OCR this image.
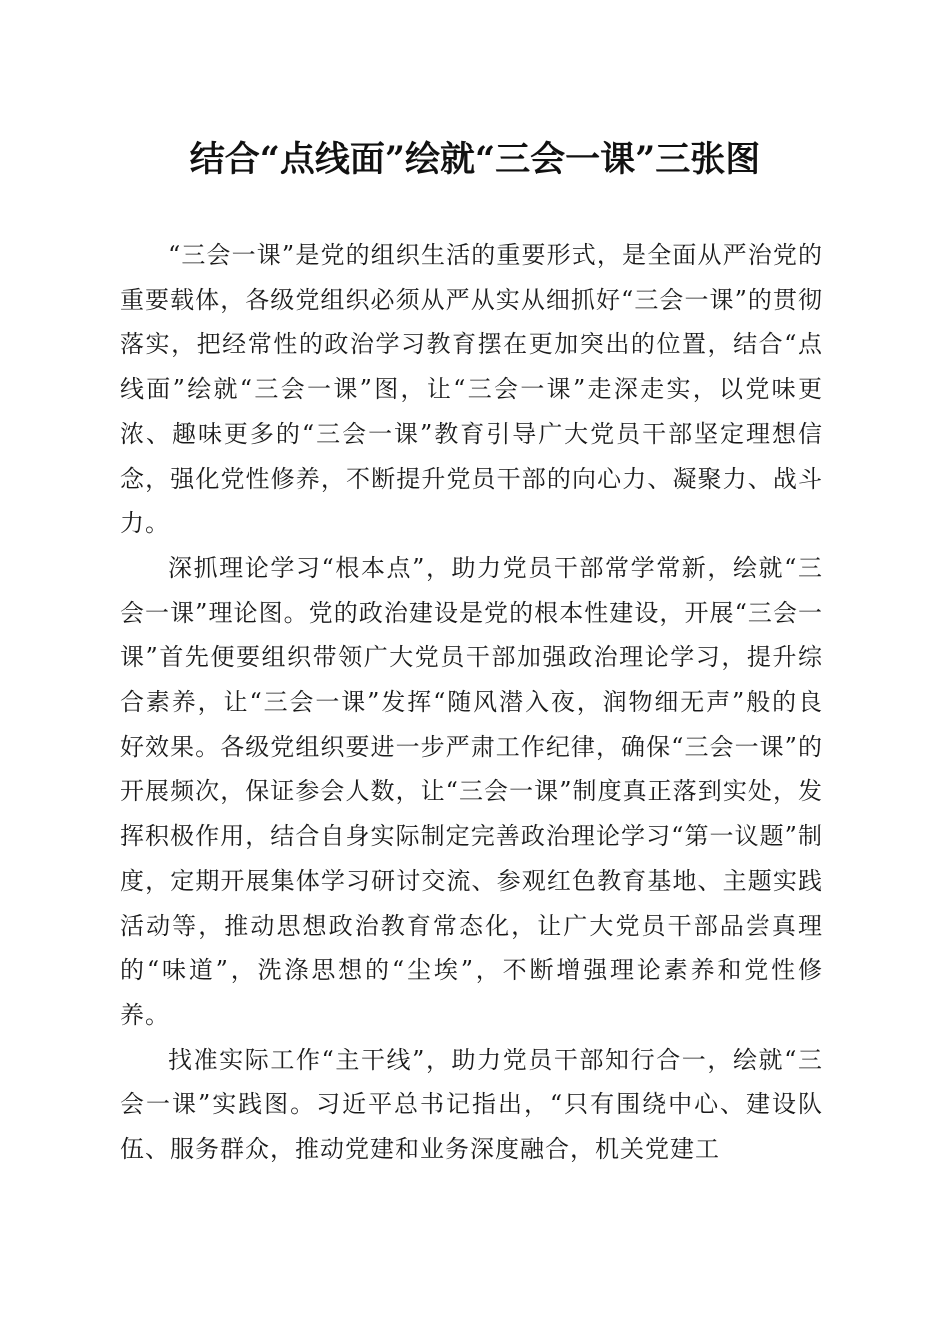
结合“点线面”绘就“三会一课”三张图

“三会一课”是党的组织生活的重要形式，是全面从严治党的重要载体，各级党组织必须从严从实从细抓好“三会一课”的贯彻落实，把经常性的政治学习教育摆在更加突出的位置，结合“点线面”绘就“三会一课”图，让“三会一课”走深走实，以党味更浓、趣味更多的“三会一课”教育引导广大党员干部坚定理想信念，强化党性修养，不断提升党员干部的向心力、凝聚力、战斗力。

深抓理论学习“根本点”，助力党员干部常学常新，绘就“三会一课”理论图。党的政治建设是党的根本性建设，开展“三会一课”首先便要组织带领广大党员干部加强政治理论学习，提升综合素养，让“三会一课”发挥“随风潜入夜，润物细无声”般的良好效果。各级党组织要进一步严肃工作纪律，确保“三会一课”的开展频次，保证参会人数，让“三会一课”制度真正落到实处，发挥积极作用，结合自身实际制定完善政治理论学习“第一议题”制度，定期开展集体学习研讨交流、参观红色教育基地、主题实践活动等，推动思想政治教育常态化，让广大党员干部品尝真理的“味道”，洗涤思想的“尘埃”，不断增强理论素养和党性修养。

找准实际工作“主干线”，助力党员干部知行合一，绘就“三会一课”实践图。习近平总书记指出，“只有围绕中心、建设队伍、服务群众，推动党建和业务深度融合，机关党建工
